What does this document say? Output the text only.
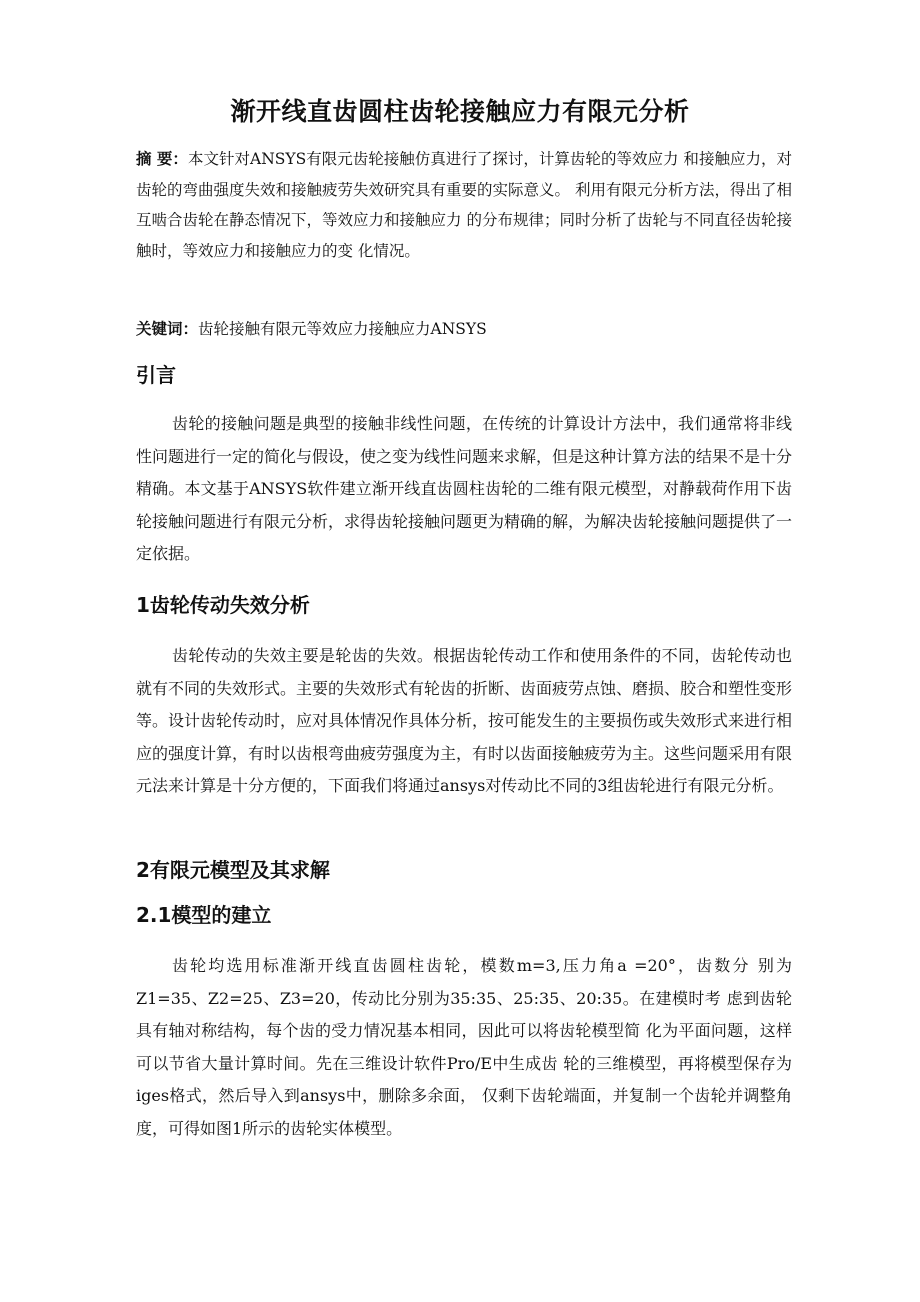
渐开线直齿圆柱齿轮接触应力有限元分析
摘 要：本文针对ANSYS有限元齿轮接触仿真进行了探讨，计算齿轮的等效应力 和接触应力，对齿轮的弯曲强度失效和接触疲劳失效研究具有重要的实际意义。 利用有限元分析方法，得出了相互啮合齿轮在静态情况下，等效应力和接触应力 的分布规律；同时分析了齿轮与不同直径齿轮接触时，等效应力和接触应力的变 化情况。
关键词：齿轮接触有限元等效应力接触应力ANSYS
引言

齿轮的接触问题是典型的接触非线性问题，在传统的计算设计方法中，我们通常将非线性问题进行一定的简化与假设，使之变为线性问题来求解，但是这种计算方法的结果不是十分精确。本文基于ANSYS软件建立渐开线直齿圆柱齿轮的二维有限元模型，对静载荷作用下齿轮接触问题进行有限元分析，求得齿轮接触问题更为精确的解，为解决齿轮接触问题提供了一定依据。

1齿轮传动失效分析

齿轮传动的失效主要是轮齿的失效。根据齿轮传动工作和使用条件的不同，齿轮传动也就有不同的失效形式。主要的失效形式有轮齿的折断、齿面疲劳点蚀、磨损、胶合和塑性变形等。设计齿轮传动时，应对具体情况作具体分析，按可能发生的主要损伤或失效形式来进行相应的强度计算，有时以齿根弯曲疲劳强度为主，有时以齿面接触疲劳为主。这些问题采用有限元法来计算是十分方便的，下面我们将通过ansys对传动比不同的3组齿轮进行有限元分析。

2有限元模型及其求解
2.1模型的建立

齿轮均选用标准渐开线直齿圆柱齿轮，模数m=3,压力角a =20°，齿数分 别为Z1=35、Z2=25、Z3=20，传动比分别为35:35、25:35、20:35。在建模时考 虑到齿轮具有轴对称结构，每个齿的受力情况基本相同，因此可以将齿轮模型简 化为平面问题，这样可以节省大量计算时间。先在三维设计软件Pro/E中生成齿 轮的三维模型，再将模型保存为iges格式，然后导入到ansys中，删除多余面， 仅剩下齿轮端面，并复制一个齿轮并调整角度，可得如图1所示的齿轮实体模型。
